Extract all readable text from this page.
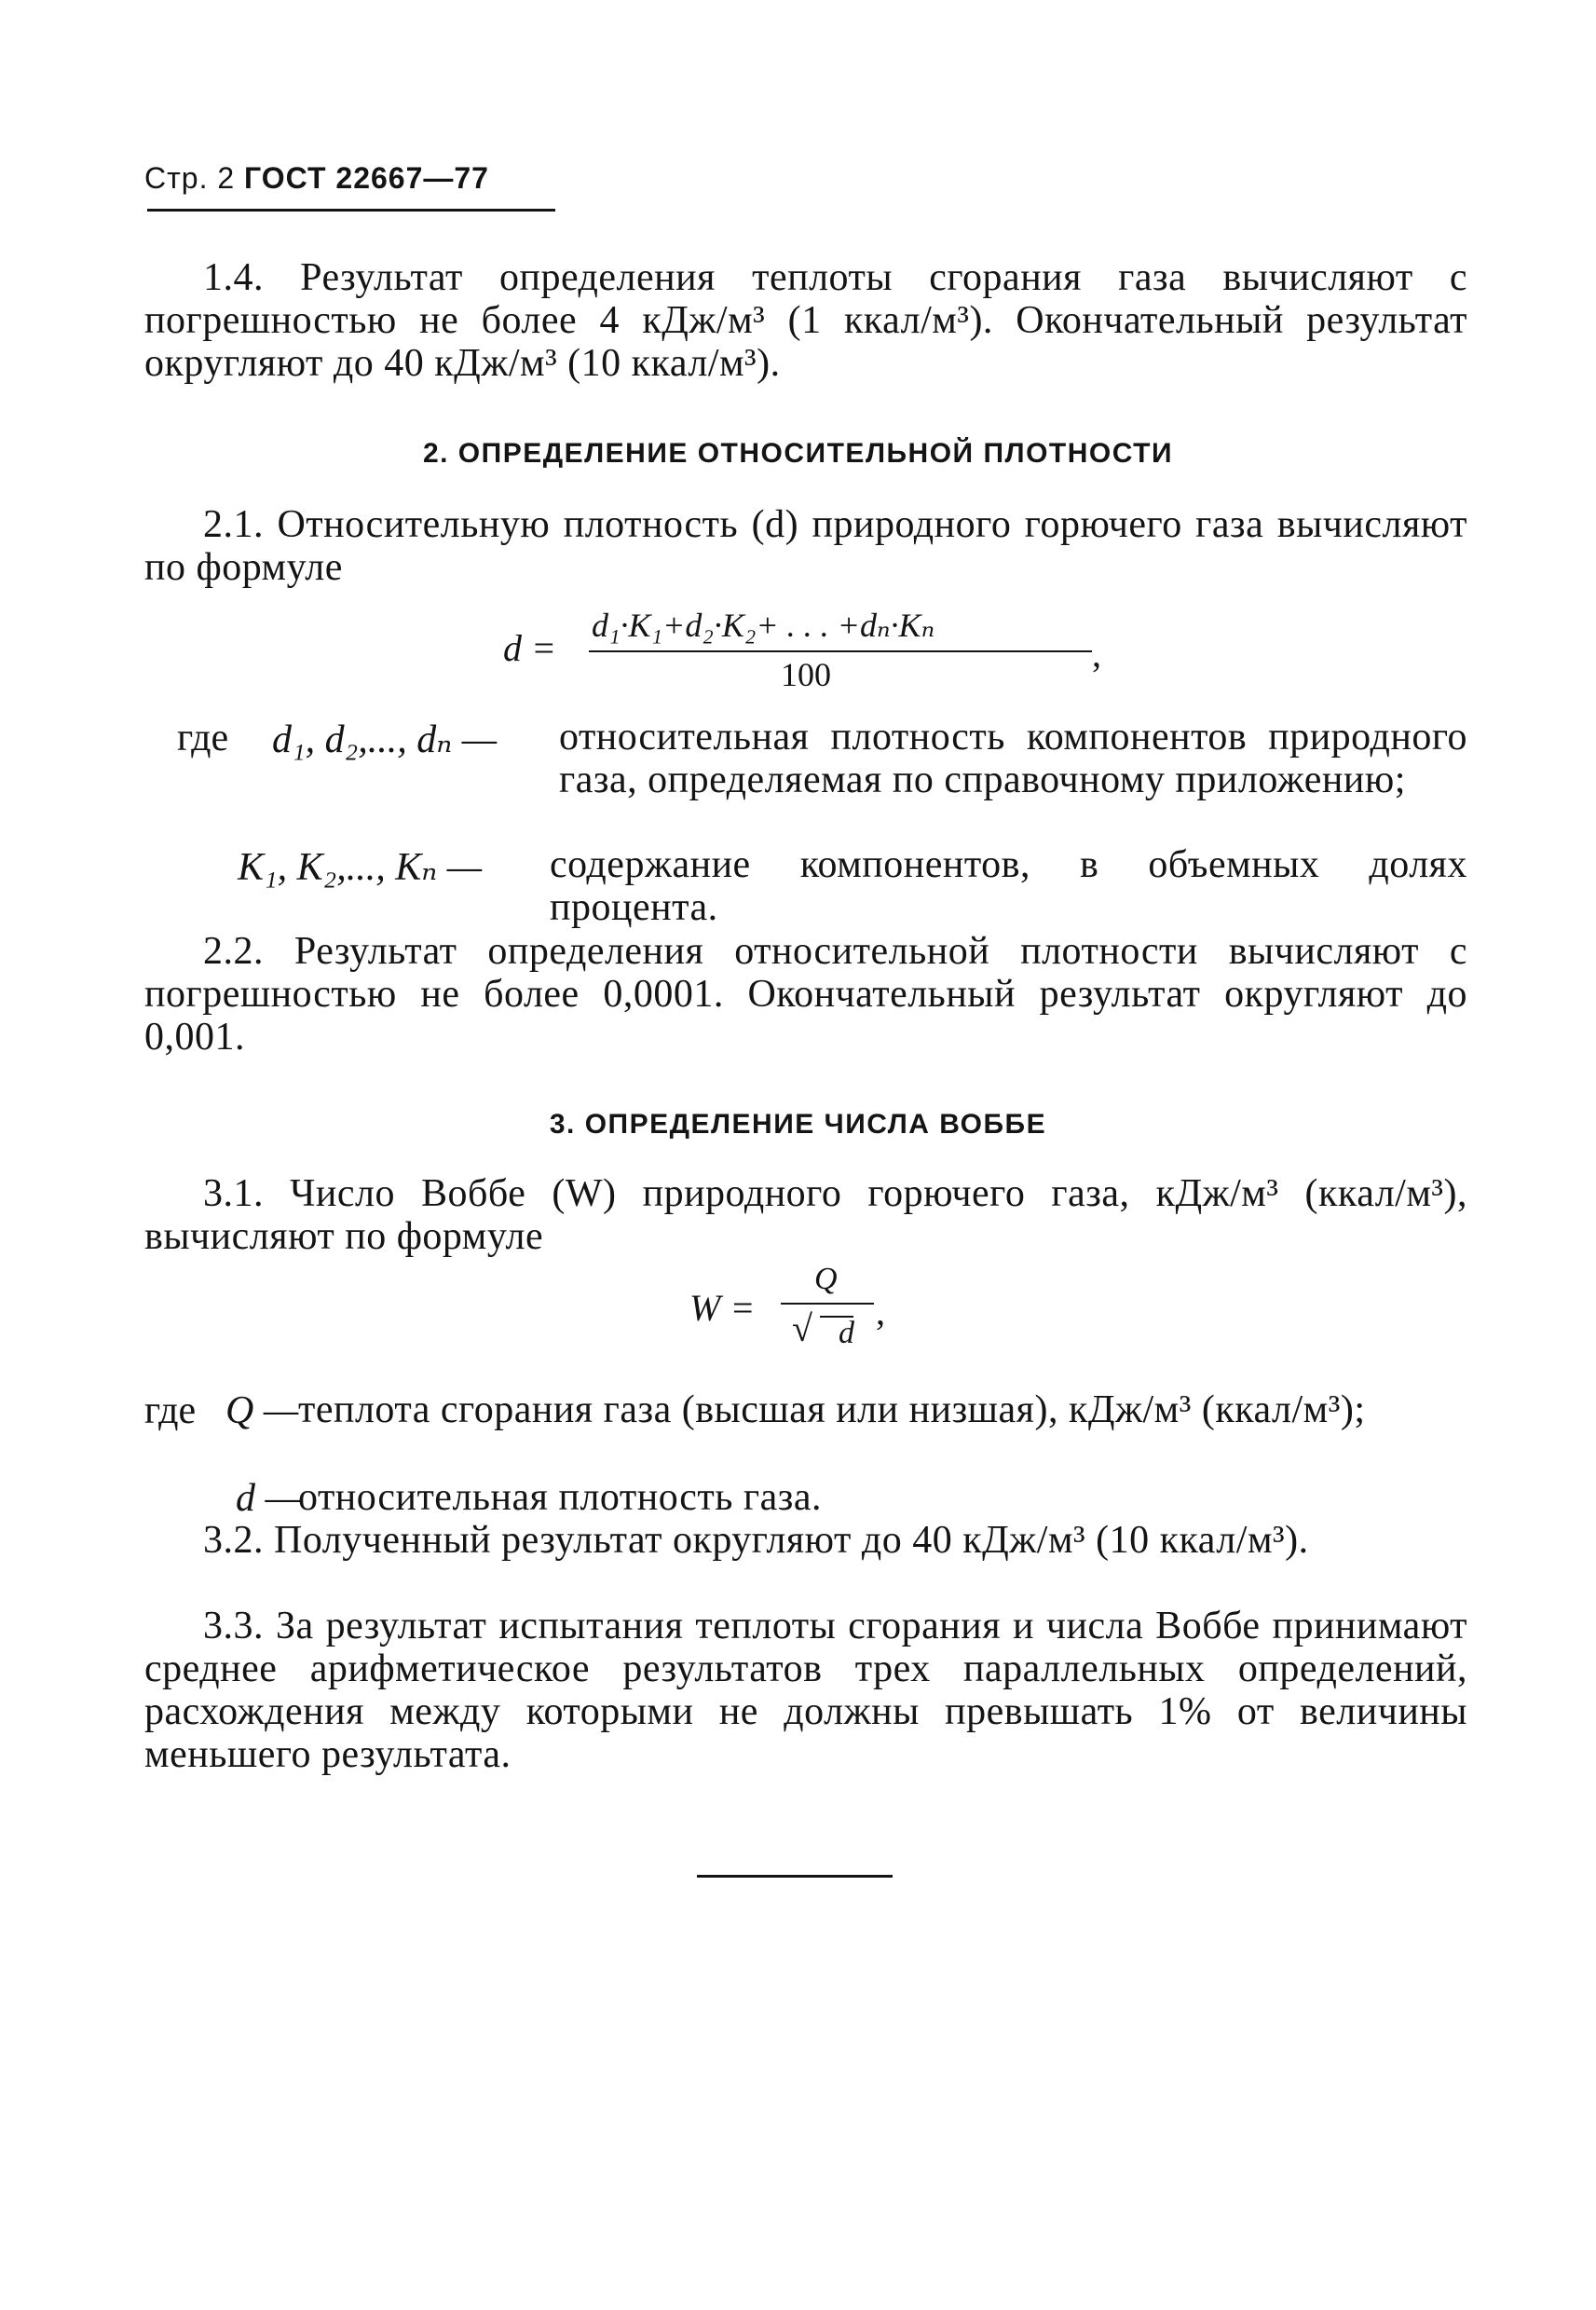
Стр. 2 ГОСТ 22667—77
1.4. Результат определения теплоты сгорания газа вычисляют с погрешностью не более 4 кДж/м³ (1 ккал/м³). Окончательный результат округляют до 40 кДж/м³ (10 ккал/м³).
2. ОПРЕДЕЛЕНИЕ ОТНОСИТЕЛЬНОЙ ПЛОТНОСТИ
2.1. Относительную плотность (d) природного горючего газа вычисляют по формуле
d =
d₁·K₁+d₂·K₂+ . . . +dₙ·Kₙ
100	,
где d₁, d₂,..., dₙ — относительная плотность компонентов природного газа, определяемая по справочному приложению;
K₁, K₂,..., Kₙ — содержание компонентов, в объемных долях процента.
2.2. Результат определения относительной плотности вычисляют с погрешностью не более 0,0001. Окончательный результат округляют до 0,001.
3. ОПРЕДЕЛЕНИЕ ЧИСЛА ВОББЕ
3.1. Число Воббе (W) природного горючего газа, кДж/м³ (ккал/м³), вычисляют по формуле
W =
Q
√ d
,
где Q — теплота сгорания газа (высшая или низшая), кДж/м³ (ккал/м³);
d —
относительная плотность газа.
3.2. Полученный результат округляют до 40 кДж/м³ (10 ккал/м³).
3.3. За результат испытания теплоты сгорания и числа Воббе принимают среднее арифметическое результатов трех параллельных определений, расхождения между которыми не должны превышать 1% от величины меньшего результата.
